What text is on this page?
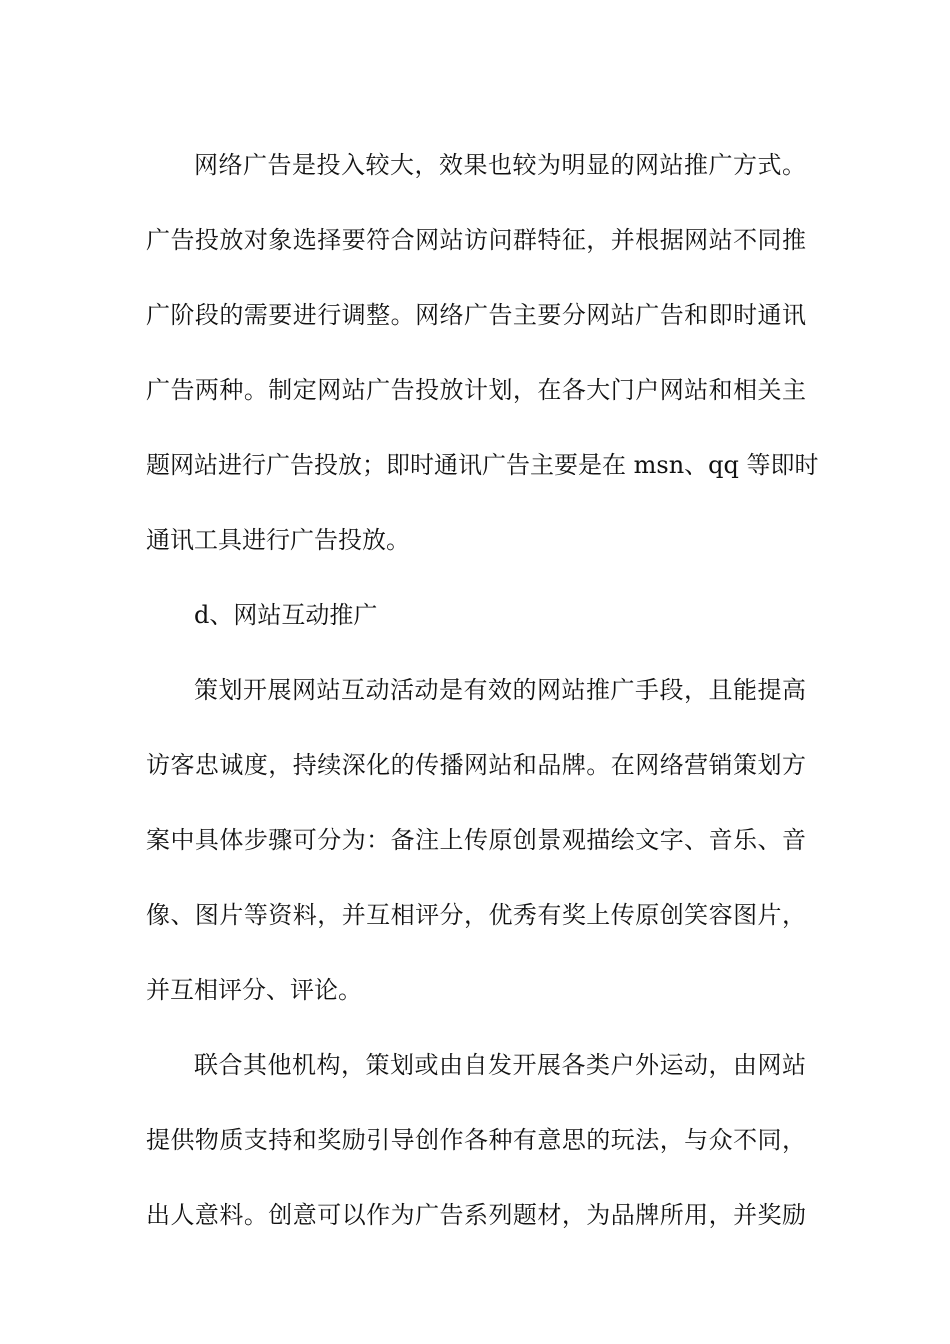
网络广告是投入较大，效果也较为明显的网站推广方式。
广告投放对象选择要符合网站访问群特征，并根据网站不同推
广阶段的需要进行调整。网络广告主要分网站广告和即时通讯
广告两种。制定网站广告投放计划，在各大门户网站和相关主
题网站进行广告投放；即时通讯广告主要是在 msn、qq 等即时
通讯工具进行广告投放。
d、网站互动推广
策划开展网站互动活动是有效的网站推广手段，且能提高
访客忠诚度，持续深化的传播网站和品牌。在网络营销策划方
案中具体步骤可分为：备注上传原创景观描绘文字、音乐、音
像、图片等资料，并互相评分，优秀有奖上传原创笑容图片，
并互相评分、评论。
联合其他机构，策划或由自发开展各类户外运动，由网站
提供物质支持和奖励引导创作各种有意思的玩法，与众不同，
出人意料。创意可以作为广告系列题材，为品牌所用，并奖励
